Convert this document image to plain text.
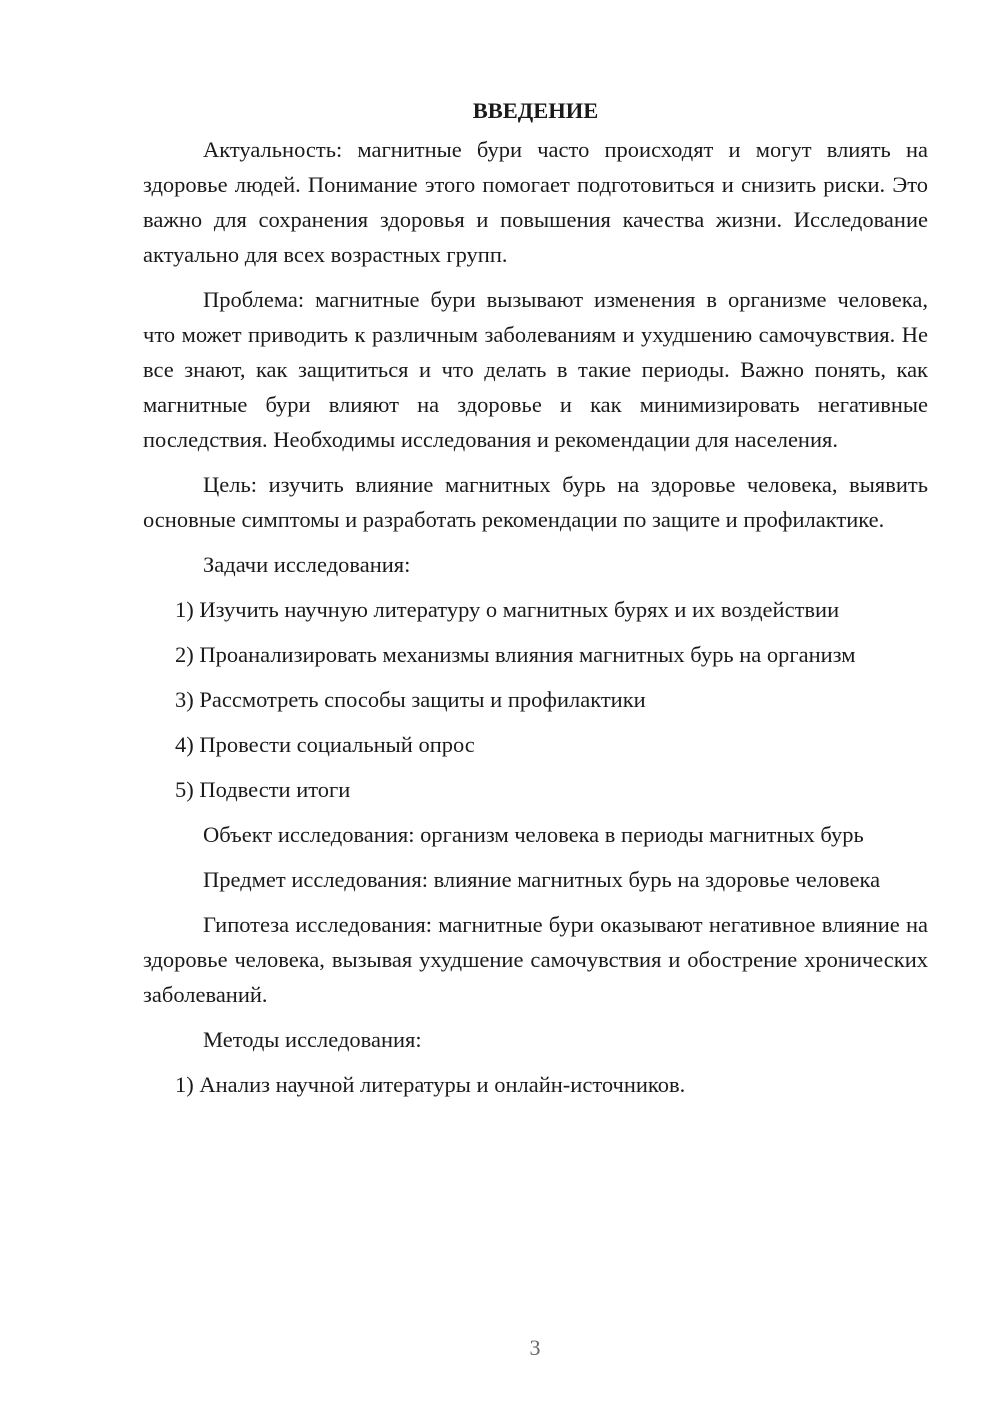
ВВЕДЕНИЕ

Актуальность: магнитные бури часто происходят и могут влиять на здоровье людей. Понимание этого помогает подготовиться и снизить риски. Это важно для сохранения здоровья и повышения качества жизни. Исследование актуально для всех возрастных групп.

Проблема: магнитные бури вызывают изменения в организме человека, что может приводить к различным заболеваниям и ухудшению самочувствия. Не все знают, как защититься и что делать в такие периоды. Важно понять, как магнитные бури влияют на здоровье и как минимизировать негативные последствия. Необходимы исследования и рекомендации для населения.

Цель: изучить влияние магнитных бурь на здоровье человека, выявить основные симптомы и разработать рекомендации по защите и профилактике.

Задачи исследования:

1) Изучить научную литературу о магнитных бурях и их воздействии

2) Проанализировать механизмы влияния магнитных бурь на организм

3) Рассмотреть способы защиты и профилактики

4) Провести социальный опрос

5) Подвести итоги

Объект исследования: организм человека в периоды магнитных бурь

Предмет исследования: влияние магнитных бурь на здоровье человека

Гипотеза исследования: магнитные бури оказывают негативное влияние на здоровье человека, вызывая ухудшение самочувствия и обострение хронических заболеваний.

Методы исследования:

1) Анализ научной литературы и онлайн-источников.

3
